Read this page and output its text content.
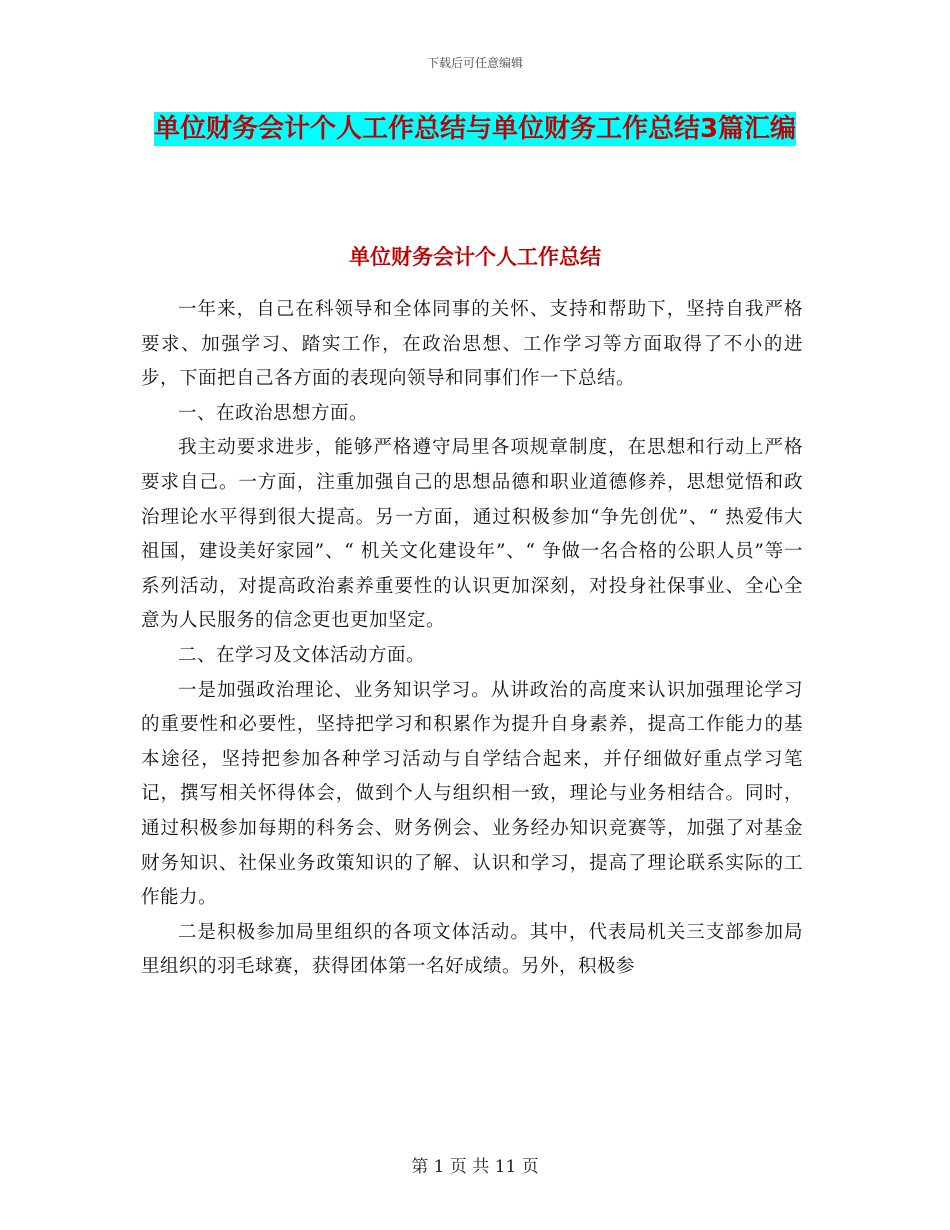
下载后可任意编辑
单位财务会计个人工作总结与单位财务工作总结3篇汇编
单位财务会计个人工作总结

一年来，自己在科领导和全体同事的关怀、支持和帮助下，坚持自我严格要求、加强学习、踏实工作，在政治思想、工作学习等方面取得了不小的进步，下面把自己各方面的表现向领导和同事们作一下总结。

一、在政治思想方面。

我主动要求进步，能够严格遵守局里各项规章制度，在思想和行动上严格要求自己。一方面，注重加强自己的思想品德和职业道德修养，思想觉悟和政治理论水平得到很大提高。另一方面，通过积极参加“争先创优”、“ 热爱伟大祖国，建设美好家园”、“ 机关文化建设年”、“ 争做一名合格的公职人员”等一系列活动，对提高政治素养重要性的认识更加深刻，对投身社保事业、全心全意为人民服务的信念更也更加坚定。

二、在学习及文体活动方面。

一是加强政治理论、业务知识学习。从讲政治的高度来认识加强理论学习的重要性和必要性，坚持把学习和积累作为提升自身素养，提高工作能力的基本途径，坚持把参加各种学习活动与自学结合起来，并仔细做好重点学习笔记，撰写相关怀得体会，做到个人与组织相一致，理论与业务相结合。同时，通过积极参加每期的科务会、财务例会、业务经办知识竞赛等，加强了对基金财务知识、社保业务政策知识的了解、认识和学习，提高了理论联系实际的工作能力。

二是积极参加局里组织的各项文体活动。其中，代表局机关三支部参加局里组织的羽毛球赛，获得团体第一名好成绩。另外，积极参

第 1 页 共 11 页
